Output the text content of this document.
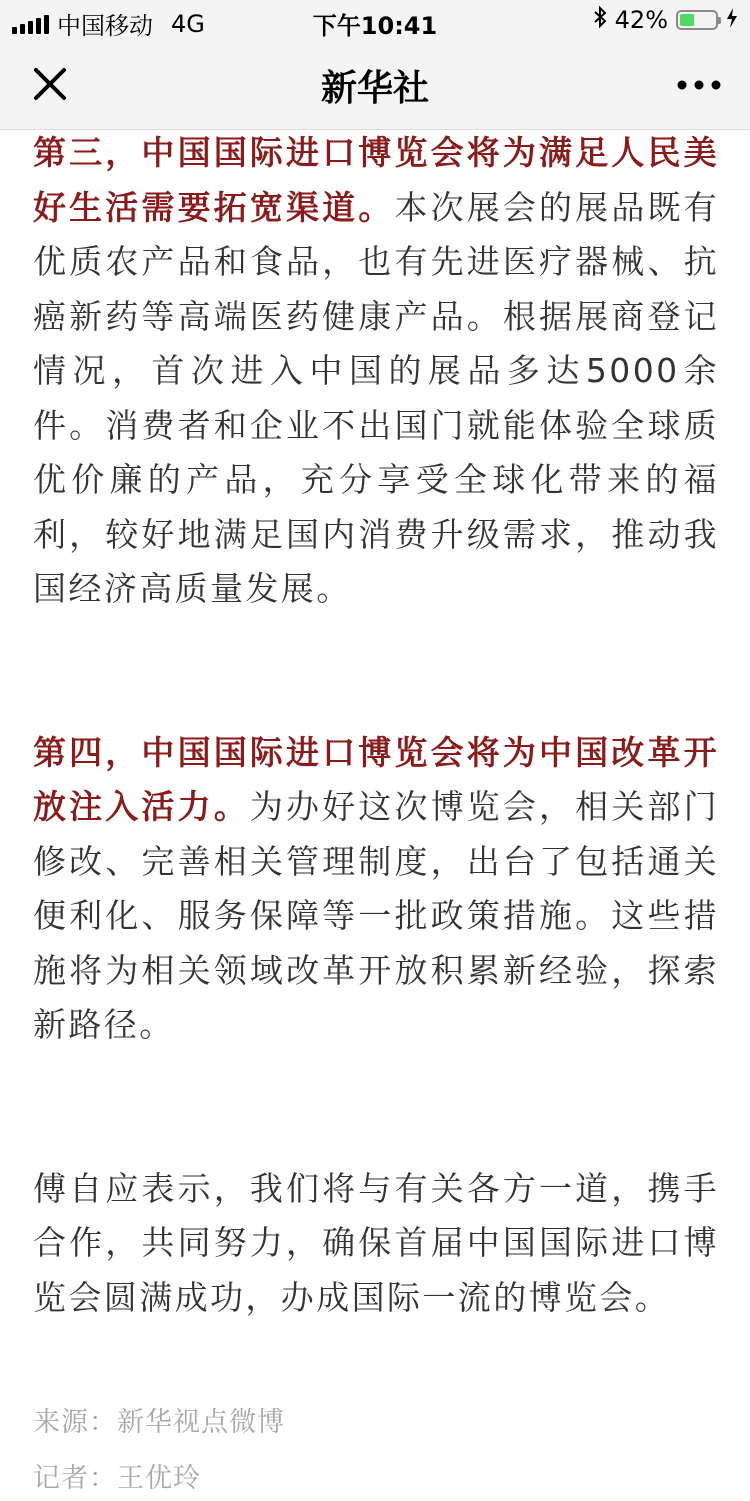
中国移动 4G	下午10:41	42%
新华社

第三，中国国际进口博览会将为满足人民美好生活需要拓宽渠道。本次展会的展品既有优质农产品和食品，也有先进医疗器械、抗癌新药等高端医药健康产品。根据展商登记情况，首次进入中国的展品多达5000余件。消费者和企业不出国门就能体验全球质优价廉的产品，充分享受全球化带来的福利，较好地满足国内消费升级需求，推动我国经济高质量发展。

第四，中国国际进口博览会将为中国改革开放注入活力。为办好这次博览会，相关部门修改、完善相关管理制度，出台了包括通关便利化、服务保障等一批政策措施。这些措施将为相关领域改革开放积累新经验，探索新路径。

傅自应表示，我们将与有关各方一道，携手合作，共同努力，确保首届中国国际进口博览会圆满成功，办成国际一流的博览会。

来源：新华视点微博
记者：王优玲
